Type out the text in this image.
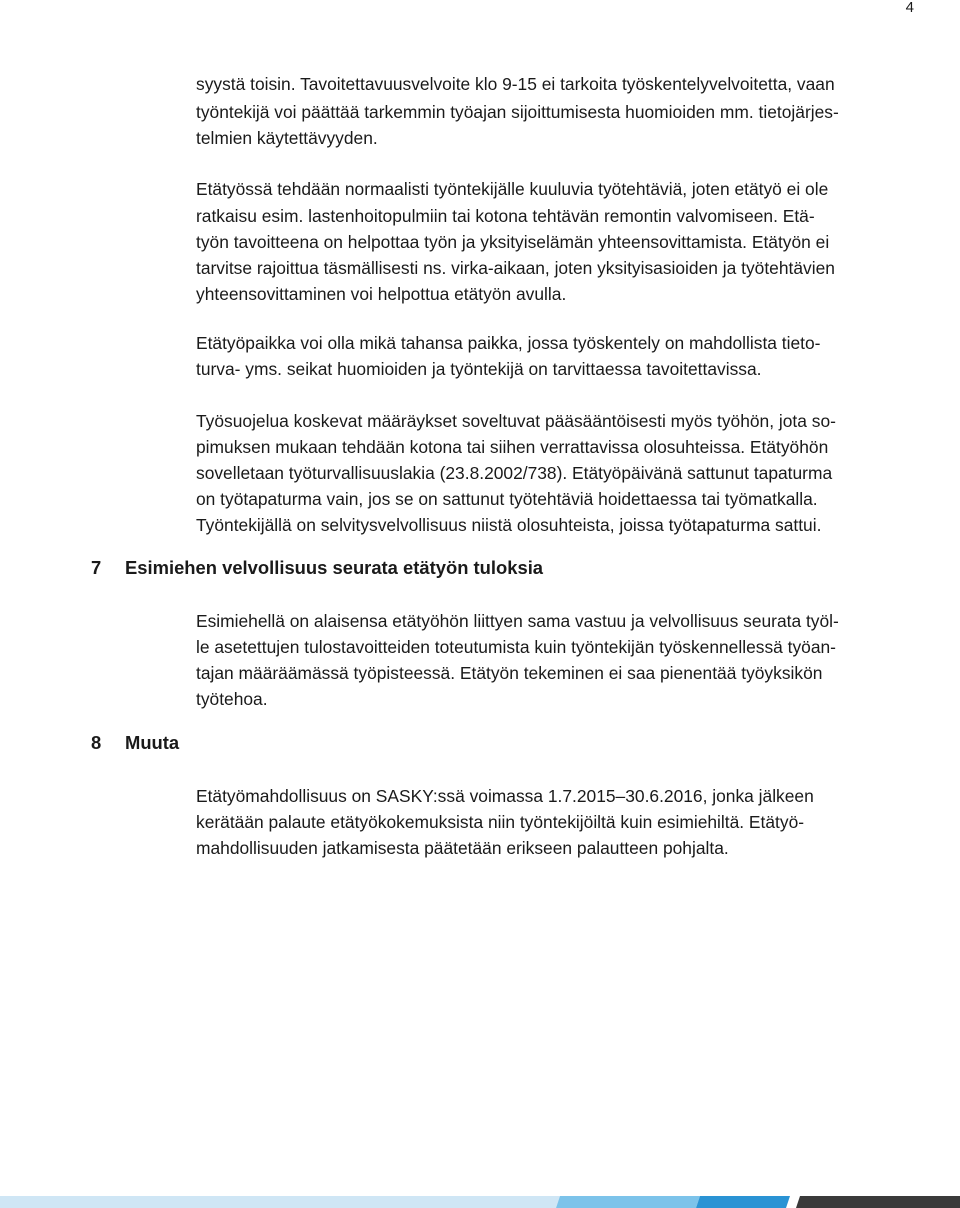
4
syystä toisin. Tavoitettavuusvelvoite klo 9-15 ei tarkoita työskentelyvelvoitetta, vaan
työntekijä voi päättää tarkemmin työajan sijoittumisesta huomioiden mm. tietojärjes-
telmien käytettävyyden.
Etätyössä tehdään normaalisti työntekijälle kuuluvia työtehtäviä, joten etätyö ei ole
ratkaisu esim. lastenhoitopulmiin tai kotona tehtävän remontin valvomiseen. Etä-
työn tavoitteena on helpottaa työn ja yksityiselämän yhteensovittamista. Etätyön ei
tarvitse rajoittua täsmällisesti ns. virka-aikaan, joten yksityisasioiden ja työtehtävien
yhteensovittaminen voi helpottua etätyön avulla.
Etätyöpaikka voi olla mikä tahansa paikka, jossa työskentely on mahdollista tieto-
turva- yms. seikat huomioiden ja työntekijä on tarvittaessa tavoitettavissa.
Työsuojelua koskevat määräykset soveltuvat pääsääntöisesti myös työhön, jota so-
pimuksen mukaan tehdään kotona tai siihen verrattavissa olosuhteissa. Etätyöhön
sovelletaan työturvallisuuslakia (23.8.2002/738). Etätyöpäivänä sattunut tapaturma
on työtapaturma vain, jos se on sattunut työtehtäviä hoidettaessa tai työmatkalla.
Työntekijällä on selvitysvelvollisuus niistä olosuhteista, joissa työtapaturma sattui.
7 Esimiehen velvollisuus seurata etätyön tuloksia
Esimiehellä on alaisensa etätyöhön liittyen sama vastuu ja velvollisuus seurata työl-
le asetettujen tulostavoitteiden toteutumista kuin työntekijän työskennellessä työan-
tajan määräämässä työpisteessä. Etätyön tekeminen ei saa pienentää työyksikön
työtehoa.
8 Muuta
Etätyömahdollisuus on SASKY:ssä voimassa 1.7.2015–30.6.2016, jonka jälkeen
kerätään palaute etätyökokemuksista niin työntekijöiltä kuin esimiehiltä. Etätyö-
mahdollisuuden jatkamisesta päätetään erikseen palautteen pohjalta.
